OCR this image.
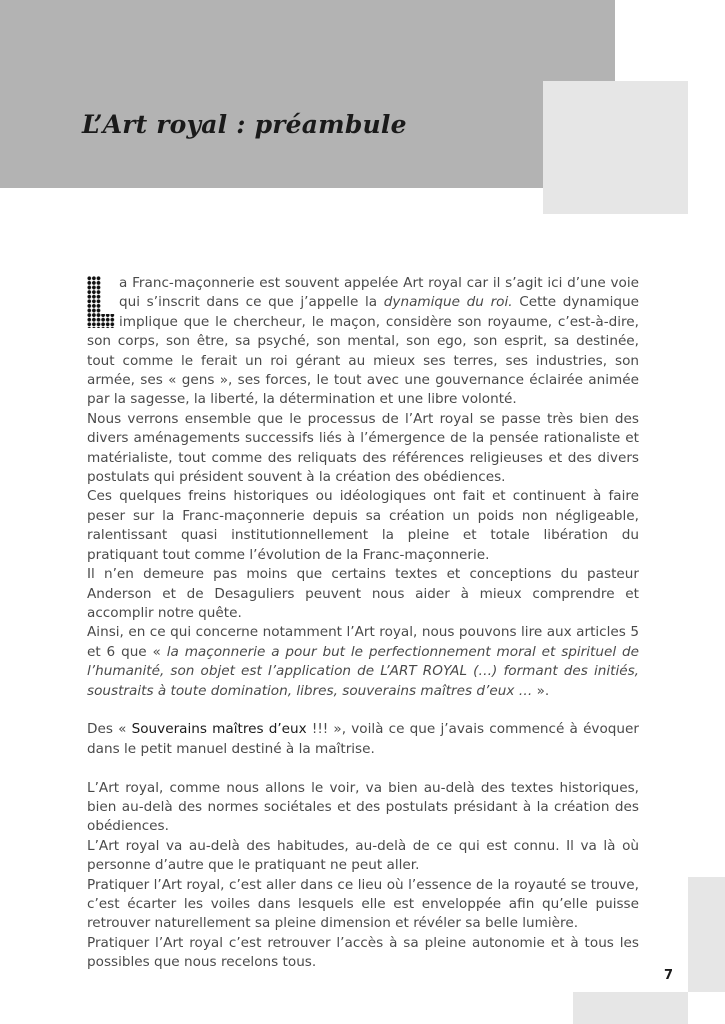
L’Art royal : préambule

a Franc-maçonnerie est souvent appelée Art royal car il s’agit ici d’une voie qui s’inscrit dans ce que j’appelle la dynamique du roi. Cette dynamique implique que le chercheur, le maçon, considère son royaume, c’est-à-dire, son corps, son être, sa psyché, son mental, son ego, son esprit, sa destinée, tout comme le ferait un roi gérant au mieux ses terres, ses industries, son armée, ses « gens », ses forces, le tout avec une gouvernance éclairée animée par la sagesse, la liberté, la détermination et une libre volonté.

Nous verrons ensemble que le processus de l’Art royal se passe très bien des divers aménagements successifs liés à l’émergence de la pensée rationaliste et matérialiste, tout comme des reliquats des références religieuses et des divers postulats qui président souvent à la création des obédiences.

Ces quelques freins historiques ou idéologiques ont fait et continuent à faire peser sur la Franc-maçonnerie depuis sa création un poids non négligeable, ralentissant quasi institutionnellement la pleine et totale libération du pratiquant tout comme l’évolution de la Franc-maçonnerie.

Il n’en demeure pas moins que certains textes et conceptions du pasteur Anderson et de Desaguliers peuvent nous aider à mieux comprendre et accomplir notre quête.

Ainsi, en ce qui concerne notamment l’Art royal, nous pouvons lire aux articles 5 et 6 que « la maçonnerie a pour but le perfectionnement moral et spirituel de l’humanité, son objet est l’application de L’ART ROYAL (…) formant des initiés, soustraits à toute domination, libres, souverains maîtres d’eux … ».

Des « Souverains maîtres d’eux !!! », voilà ce que j’avais commencé à évoquer dans le petit manuel destiné à la maîtrise.

L’Art royal, comme nous allons le voir, va bien au-delà des textes historiques, bien au-delà des normes sociétales et des postulats présidant à la création des obédiences.

L’Art royal va au-delà des habitudes, au-delà de ce qui est connu. Il va là où personne d’autre que le pratiquant ne peut aller.

Pratiquer l’Art royal, c’est aller dans ce lieu où l’essence de la royauté se trouve, c’est écarter les voiles dans lesquels elle est enveloppée afin qu’elle puisse retrouver naturellement sa pleine dimension et révéler sa belle lumière.

Pratiquer l’Art royal c’est retrouver l’accès à sa pleine autonomie et à tous les possibles que nous recelons tous.

7
